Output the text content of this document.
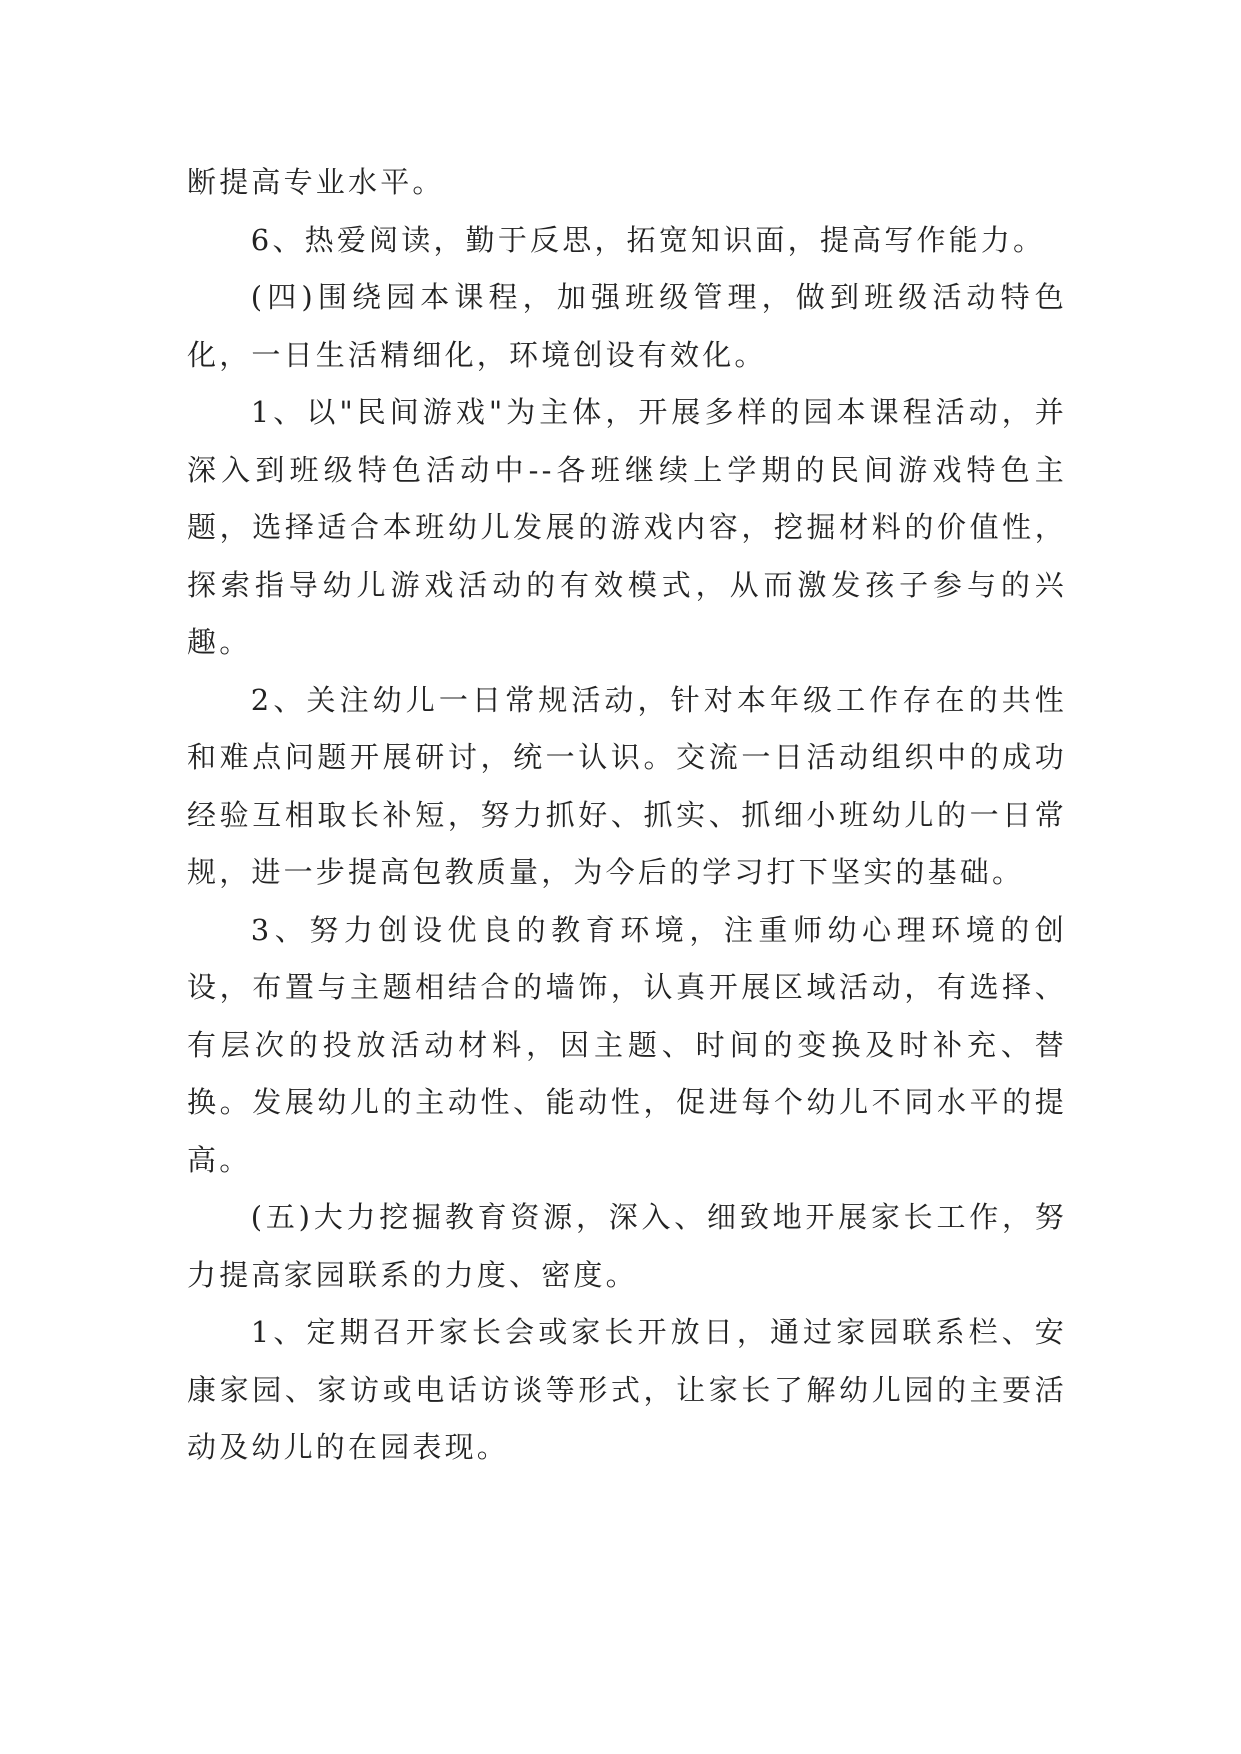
断提高专业水平。

6、热爱阅读，勤于反思，拓宽知识面，提高写作能力。

(四)围绕园本课程，加强班级管理，做到班级活动特色化，一日生活精细化，环境创设有效化。

1、以"民间游戏"为主体，开展多样的园本课程活动，并深入到班级特色活动中--各班继续上学期的民间游戏特色主题，选择适合本班幼儿发展的游戏内容，挖掘材料的价值性，探索指导幼儿游戏活动的有效模式，从而激发孩子参与的兴趣。

2、关注幼儿一日常规活动，针对本年级工作存在的共性和难点问题开展研讨，统一认识。交流一日活动组织中的成功经验互相取长补短，努力抓好、抓实、抓细小班幼儿的一日常规，进一步提高包教质量，为今后的学习打下坚实的基础。

3、努力创设优良的教育环境，注重师幼心理环境的创设，布置与主题相结合的墙饰，认真开展区域活动，有选择、有层次的投放活动材料，因主题、时间的变换及时补充、替换。发展幼儿的主动性、能动性，促进每个幼儿不同水平的提高。

(五)大力挖掘教育资源，深入、细致地开展家长工作，努力提高家园联系的力度、密度。

1、定期召开家长会或家长开放日，通过家园联系栏、安康家园、家访或电话访谈等形式，让家长了解幼儿园的主要活动及幼儿的在园表现。
